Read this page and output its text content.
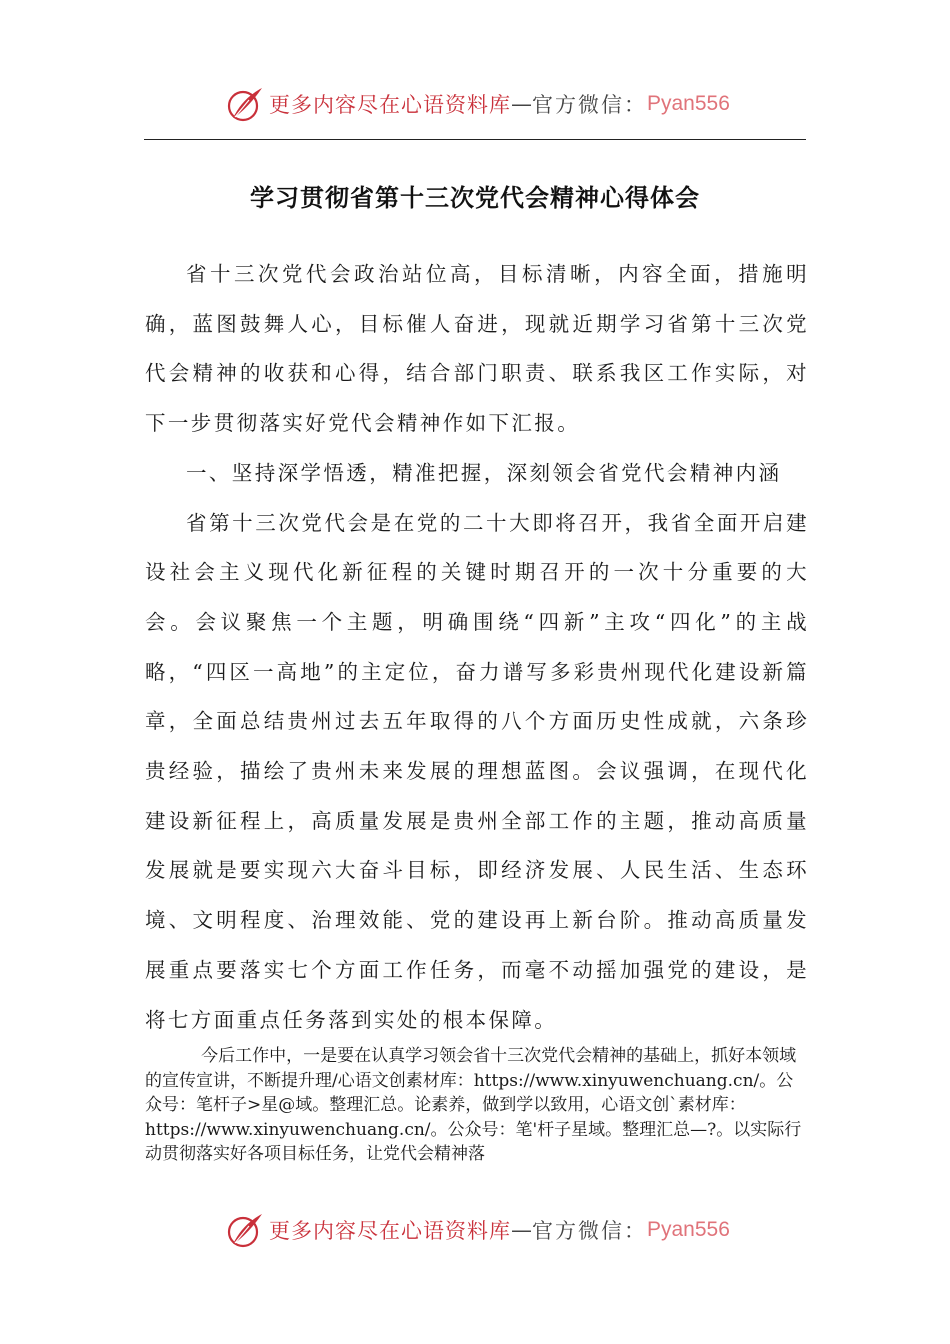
更多内容尽在心语资料库 — 官方微信： Pyan556
学习贯彻省第十三次党代会精神心得体会

省十三次党代会政治站位高，目标清晰，内容全面，措施明确，蓝图鼓舞人心，目标催人奋进，现就近期学习省第十三次党代会精神的收获和心得，结合部门职责、联系我区工作实际，对下一步贯彻落实好党代会精神作如下汇报。

一、坚持深学悟透，精准把握，深刻领会省党代会精神内涵

省第十三次党代会是在党的二十大即将召开，我省全面开启建设社会主义现代化新征程的关键时期召开的一次十分重要的大会。会议聚焦一个主题，明确围绕“四新”主攻“四化”的主战略，“四区一高地”的主定位，奋力谱写多彩贵州现代化建设新篇章，全面总结贵州过去五年取得的八个方面历史性成就，六条珍贵经验，描绘了贵州未来发展的理想蓝图。会议强调，在现代化建设新征程上，高质量发展是贵州全部工作的主题，推动高质量发展就是要实现六大奋斗目标，即经济发展、人民生活、生态环境、文明程度、治理效能、党的建设再上新台阶。推动高质量发展重点要落实七个方面工作任务，而毫不动摇加强党的建设，是将七方面重点任务落到实处的根本保障。

今后工作中，一是要在认真学习领会省十三次党代会精神的基础上，抓好本领域的宣传宣讲，不断提升理/心语文创素材库：https://www.xinyuwenchuang.cn/。公众号：笔杆子>星@域。整理汇总。论素养，做到学以致用，心语文创`素材库：https://www.xinyuwenchuang.cn/。公众号：笔'杆子星域。整理汇总—?。以实际行动贯彻落实好各项目标任务，让党代会精神落

更多内容尽在心语资料库 — 官方微信： Pyan556
